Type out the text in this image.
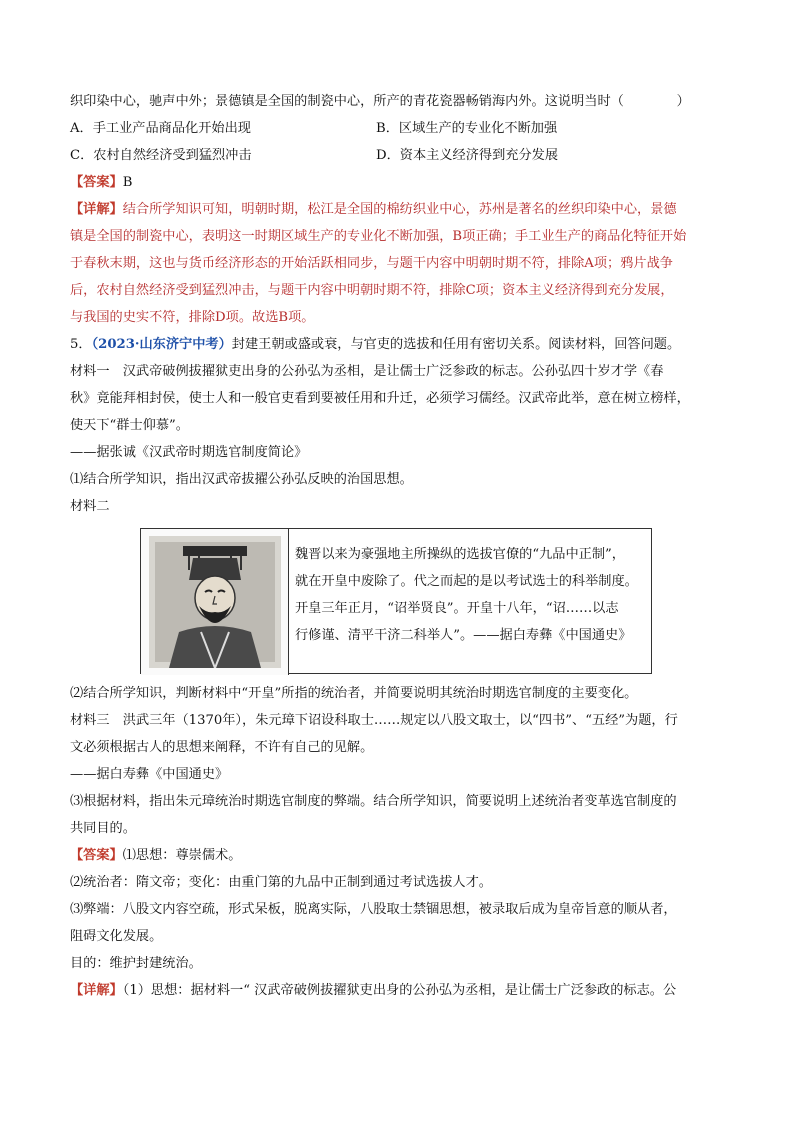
织印染中心，驰声中外；景德镇是全国的制瓷中心，所产的青花瓷器畅销海内外。这说明当时（　　　　）
A．手工业产品商品化开始出现	B．区域生产的专业化不断加强
C．农村自然经济受到猛烈冲击	D．资本主义经济得到充分发展
【答案】B
【详解】结合所学知识可知，明朝时期，松江是全国的棉纺织业中心，苏州是著名的丝织印染中心，景德
镇是全国的制瓷中心，表明这一时期区域生产的专业化不断加强，B项正确；手工业生产的商品化特征开始
于春秋末期，这也与货币经济形态的开始活跃相同步，与题干内容中明朝时期不符，排除A项；鸦片战争
后，农村自然经济受到猛烈冲击，与题干内容中明朝时期不符，排除C项；资本主义经济得到充分发展，
与我国的史实不符，排除D项。故选B项。
5．（2023·山东济宁中考）封建王朝或盛或衰，与官吏的选拔和任用有密切关系。阅读材料，回答问题。
材料一　汉武帝破例拔擢狱吏出身的公孙弘为丞相，是让儒士广泛参政的标志。公孙弘四十岁才学《春
秋》竟能拜相封侯，使士人和一般官吏看到要被任用和升迁，必须学习儒经。汉武帝此举，意在树立榜样，
使天下“群士仰慕”。
——据张诚《汉武帝时期选官制度简论》
⑴结合所学知识，指出汉武帝拔擢公孙弘反映的治国思想。
材料二
魏晋以来为豪强地主所操纵的选拔官僚的“九品中正制”，
就在开皇中废除了。代之而起的是以考试选士的科举制度。
开皇三年正月，“诏举贤良”。开皇十八年，“诏……以志
行修谨、清平干济二科举人”。——据白寿彝《中国通史》
⑵结合所学知识，判断材料中“开皇”所指的统治者，并简要说明其统治时期选官制度的主要变化。
材料三　洪武三年（1370年），朱元璋下诏设科取士……规定以八股文取士，以“四书”、“五经”为题，行
文必须根据古人的思想来阐释，不许有自己的见解。
——据白寿彝《中国通史》
⑶根据材料，指出朱元璋统治时期选官制度的弊端。结合所学知识，简要说明上述统治者变革选官制度的
共同目的。
【答案】⑴思想：尊崇儒术。
⑵统治者：隋文帝；变化：由重门第的九品中正制到通过考试选拔人才。
⑶弊端：八股文内容空疏，形式呆板，脱离实际，八股取士禁锢思想，被录取后成为皇帝旨意的顺从者，
阻碍文化发展。
目的：维护封建统治。
【详解】（1）思想：据材料一“ 汉武帝破例拔擢狱吏出身的公孙弘为丞相，是让儒士广泛参政的标志。公
